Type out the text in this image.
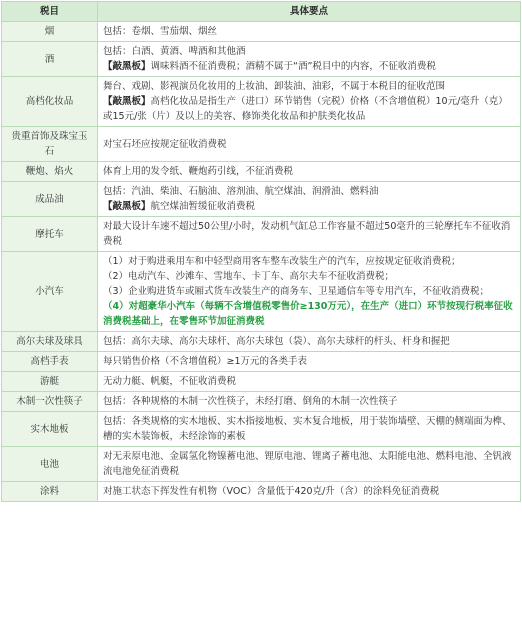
税目	具体要点
烟	包括：卷烟、雪茄烟、烟丝

酒	包括：白酒、黄酒、啤酒和其他酒
【敲黑板】调味料酒不征消费税；酒精不属于“酒”税目中的内容，不征收消费税

高档化妆品	舞台、戏剧、影视演员化妆用的上妆油、卸装油、油彩，不属于本税目的征收范围
【敲黑板】高档化妆品是指生产（进口）环节销售（完税）价格（不含增值税）10元/毫升（克）或15元/张（片）及以上的美容、修饰类化妆品和护肤类化妆品

贵重首饰及珠宝玉石	对宝石坯应按规定征收消费税

鞭炮、焰火	体育上用的发令纸、鞭炮药引线，不征消费税

成品油	包括：汽油、柴油、石脑油、溶剂油、航空煤油、润滑油、燃料油
【敲黑板】航空煤油暂缓征收消费税

摩托车	对最大设计车速不超过50公里/小时，发动机气缸总工作容量不超过50毫升的三轮摩托车不征收消费税

小汽车	（1）对于购进乘用车和中轻型商用客车整车改装生产的汽车，应按规定征收消费税；
（2）电动汽车、沙滩车、雪地车、卡丁车、高尔夫车不征收消费税；
（3）企业购进货车或厢式货车改装生产的商务车、卫星通信车等专用汽车，不征收消费税；
（4）对超豪华小汽车（每辆不含增值税零售价≥130万元），在生产（进口）环节按现行税率征收消费税基础上，在零售环节加征消费税

高尔夫球及球具	包括：高尔夫球、高尔夫球杆、高尔夫球包（袋）、高尔夫球杆的杆头、杆身和握把

高档手表	每只销售价格（不含增值税）≥1万元的各类手表

游艇	无动力艇、帆艇，不征收消费税

木制一次性筷子	包括：各种规格的木制一次性筷子，未经打磨、倒角的木制一次性筷子

实木地板	包括：各类规格的实木地板、实木指接地板、实木复合地板，用于装饰墙壁、天棚的侧端面为榫、槽的实木装饰板，未经涂饰的素板

电池	对无汞原电池、金属氢化物镍蓄电池、锂原电池、锂离子蓄电池、太阳能电池、燃料电池、全钒液流电池免征消费税

涂料	对施工状态下挥发性有机物（VOC）含量低于420克/升（含）的涂料免征消费税
